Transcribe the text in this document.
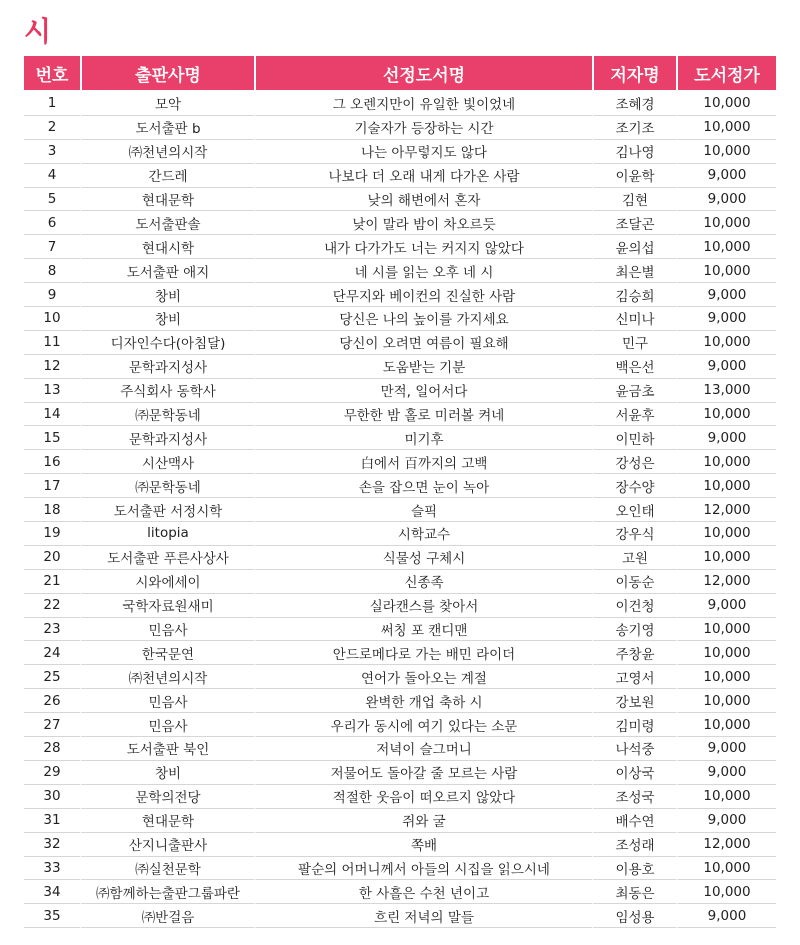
시
번호	출판사명	선정도서명	저자명	도서정가
1	모악	그 오렌지만이 유일한 빛이었네	조혜경	10,000
2	도서출판 b	기술자가 등장하는 시간	조기조	10,000
3	㈜천년의시작	나는 아무렇지도 않다	김나영	10,000
4	간드레	나보다 더 오래 내게 다가온 사람	이윤학	9,000
5	현대문학	낮의 해변에서 혼자	김현	9,000
6	도서출판솔	낮이 말라 밤이 차오르듯	조달곤	10,000
7	현대시학	내가 다가가도 너는 커지지 않았다	윤의섭	10,000
8	도서출판 애지	네 시를 읽는 오후 네 시	최은별	10,000
9	창비	단무지와 베이컨의 진실한 사람	김승희	9,000
10	창비	당신은 나의 높이를 가지세요	신미나	9,000
11	디자인수다(아침달)	당신이 오려면 여름이 필요해	민구	10,000
12	문학과지성사	도움받는 기분	백은선	9,000
13	주식회사 동학사	만적, 일어서다	윤금초	13,000
14	㈜문학동네	무한한 밤 홀로 미러볼 켜네	서윤후	10,000
15	문학과지성사	미기후	이민하	9,000
16	시산맥사	白에서 百까지의 고백	강성은	10,000
17	㈜문학동네	손을 잡으면 눈이 녹아	장수양	10,000
18	도서출판 서정시학	슬픽	오인태	12,000
19	litopia	시학교수	강우식	10,000
20	도서출판 푸른사상사	식물성 구체시	고원	10,000
21	시와에세이	신종족	이동순	12,000
22	국학자료원새미	실라캔스를 찾아서	이건청	9,000
23	민음사	써칭 포 캔디맨	송기영	10,000
24	한국문연	안드로메다로 가는 배민 라이더	주창윤	10,000
25	㈜천년의시작	연어가 돌아오는 계절	고영서	10,000
26	민음사	완벽한 개업 축하 시	강보원	10,000
27	민음사	우리가 동시에 여기 있다는 소문	김미령	10,000
28	도서출판 북인	저녁이 슬그머니	나석중	9,000
29	창비	저물어도 돌아갈 줄 모르는 사람	이상국	9,000
30	문학의전당	적절한 웃음이 떠오르지 않았다	조성국	10,000
31	현대문학	쥐와 굴	배수연	9,000
32	산지니출판사	쪽배	조성래	12,000
33	㈜실천문학	팔순의 어머니께서 아들의 시집을 읽으시네	이용호	10,000
34	㈜함께하는출판그룹파란	한 사흘은 수천 년이고	최동은	10,000
35	㈜반걸음	흐린 저녁의 말들	임성용	9,000
